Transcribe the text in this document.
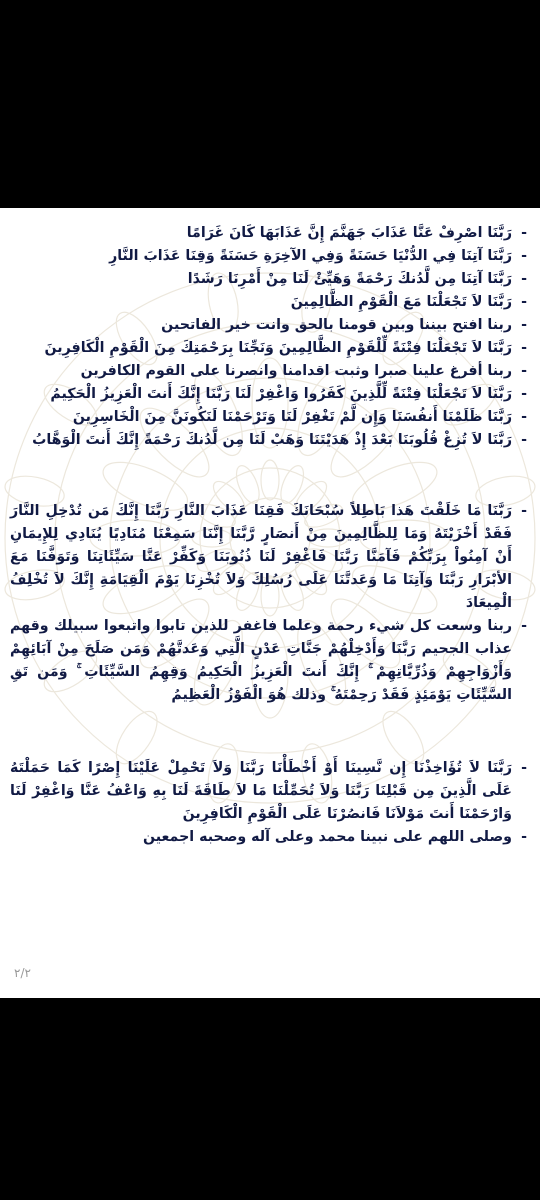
- رَبَّنَا اصْرِفْ عَنَّا عَذَابَ جَهَنَّمَ إِنَّ عَذَابَهَا كَانَ غَرَامًا

- رَبَّنَا آتِنَا فِي الدُّنْيَا حَسَنَةً وَفِي الآخِرَةِ حَسَنَةً وَقِنَا عَذَابَ النَّارِ

- رَبَّنَا آتِنَا مِن لَّدُنكَ رَحْمَةً وَهَيِّئْ لَنَا مِنْ أَمْرِنَا رَشَدًا

- رَبَّنَا لاَ تَجْعَلْنَا مَعَ الْقَوْمِ الظَّالِمِينَ

- ربنا افتح بيننا وبين قومنا بالحق وانت خير الفاتحين

- رَبَّنَا لاَ تَجْعَلْنَا فِتْنَةً لِّلْقَوْمِ الظَّالِمِينَ وَنَجِّنَا بِرَحْمَتِكَ مِنَ الْقَوْمِ الْكَافِرِينَ

- ربنا أفرغ علينا صبرا وثبت اقدامنا وانصرنا على القوم الكافرين

- رَبَّنَا لاَ تَجْعَلْنَا فِتْنَةً لِّلَّذِينَ كَفَرُوا وَاغْفِرْ لَنَا رَبَّنَا إِنَّكَ أَنتَ الْعَزِيزُ الْحَكِيمُ

- رَبَّنَا ظَلَمْنَا أَنفُسَنَا وَإِن لَّمْ تَغْفِرْ لَنَا وَتَرْحَمْنَا لَنَكُونَنَّ مِنَ الْخَاسِرِينَ

- رَبَّنَا لاَ تُزِغْ قُلُوبَنَا بَعْدَ إِذْ هَدَيْتَنَا وَهَبْ لَنَا مِن لَّدُنكَ رَحْمَةً إِنَّكَ أَنتَ الْوَهَّابُ

- رَبَّنَا مَا خَلَقْتَ هَذا بَاطِلاً سُبْحَانَكَ فَقِنَا عَذَابَ النَّارِ رَبَّنَا إِنَّكَ مَن تُدْخِلِ النَّارَ فَقَدْ أَخْزَيْتَهُ وَمَا لِلظَّالِمِينَ مِنْ أَنصَارٍ رَّبَّنَا إِنَّنَا سَمِعْنَا مُنَادِيًا يُنَادِي لِلإِيمَانِ أَنْ آمِنُواْ بِرَبِّكُمْ فَآمَنَّا رَبَّنَا فَاغْفِرْ لَنَا ذُنُوبَنَا وَكَفِّرْ عَنَّا سَيِّئَاتِنَا وَتَوَفَّنَا مَعَ الأبْرَارِ رَبَّنَا وَآتِنَا مَا وَعَدتَّنَا عَلَى رُسُلِكَ وَلاَ تُخْزِنَا يَوْمَ الْقِيَامَةِ إِنَّكَ لاَ تُخْلِفُ الْمِيعَادَ

- ربنا وسعت كل شيء رحمة وعلما فاغفر للذين تابوا واتبعوا سبيلك وقهم عذاب الجحيم رَبَّنَا وَأَدْخِلْهُمْ جَنَّاتِ عَدْنٍ الَّتِي وَعَدتَّهُمْ وَمَن صَلَحَ مِنْ آبَائِهِمْ وَأَزْوَاجِهِمْ وَذُرِّيَّاتِهِمْ ۚ إِنَّكَ أَنتَ الْعَزِيزُ الْحَكِيمُ وَقِهِمُ السَّيِّئَاتِ ۚ وَمَن تَقِ السَّيِّئَاتِ يَوْمَئِذٍ فَقَدْ رَحِمْتَهُ ۚ وذلك هُوَ الْفَوْزُ الْعَظِيمُ

- رَبَّنَا لاَ تُؤَاخِذْنَا إِن نَّسِينَا أَوْ أَخْطَأْنَا رَبَّنَا وَلاَ تَحْمِلْ عَلَيْنَا إِصْرًا كَمَا حَمَلْتَهُ عَلَى الَّذِينَ مِن قَبْلِنَا رَبَّنَا وَلاَ تُحَمِّلْنَا مَا لاَ طَاقَةَ لَنَا بِهِ وَاعْفُ عَنَّا وَاغْفِرْ لَنَا وَارْحَمْنَا أَنتَ مَوْلاَنَا فَانصُرْنَا عَلَى الْقَوْمِ الْكَافِرِينَ

- وصلى اللهم على نبينا محمد وعلى آله وصحبه اجمعين

٢/٢
